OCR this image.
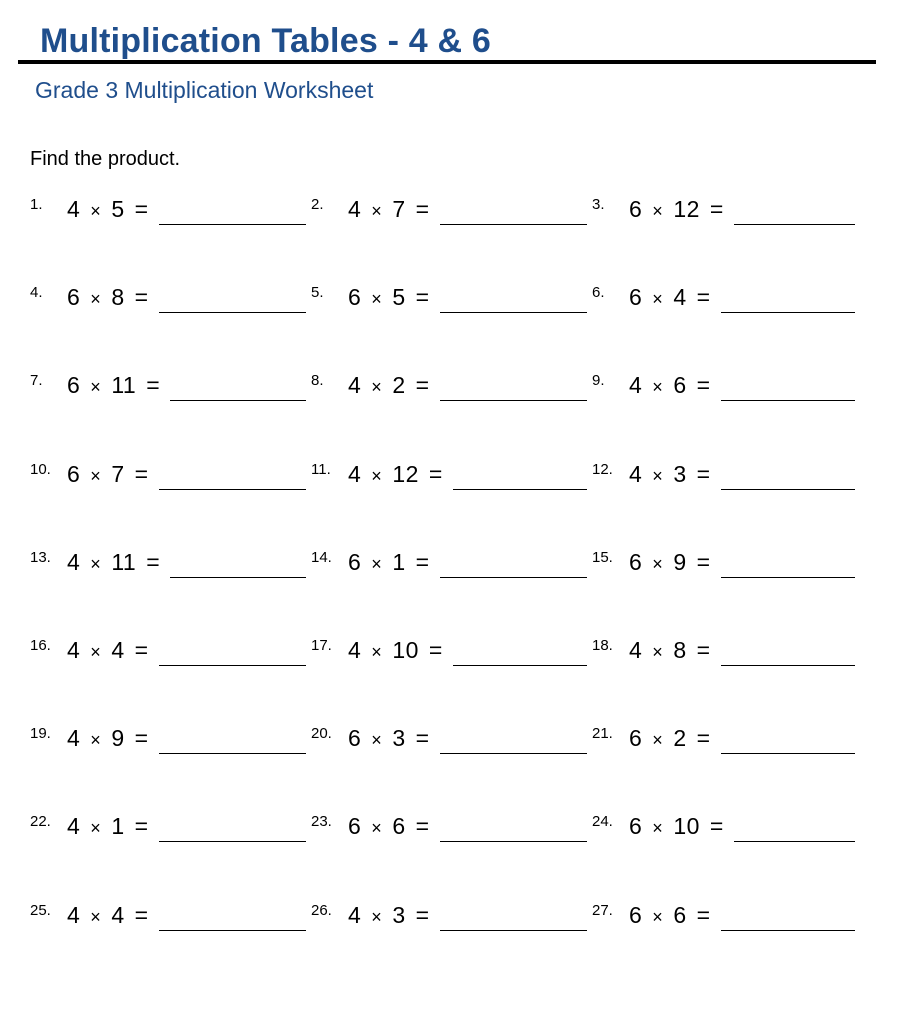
Multiplication Tables - 4 & 6
Grade 3 Multiplication Worksheet
Find the product.
1.	4 × 5 =	2.	4 × 7 =	3.	6 × 12 =
4.	6 × 8 =	5.	6 × 5 =	6.	6 × 4 =
7.	6 × 11 =	8.	4 × 2 =	9.	4 × 6 =
10. 6 × 7 =	11. 4 × 12 =	12. 4 × 3 =
13. 4 × 11 =	14. 6 × 1 =	15. 6 × 9 =
16. 4 × 4 =	17. 4 × 10 =	18. 4 × 8 =
19. 4 × 9 =	20. 6 × 3 =	21. 6 × 2 =
22. 4 × 1 =	23. 6 × 6 =	24. 6 × 10 =
25. 4 × 4 =	26. 4 × 3 =	27. 6 × 6 =
